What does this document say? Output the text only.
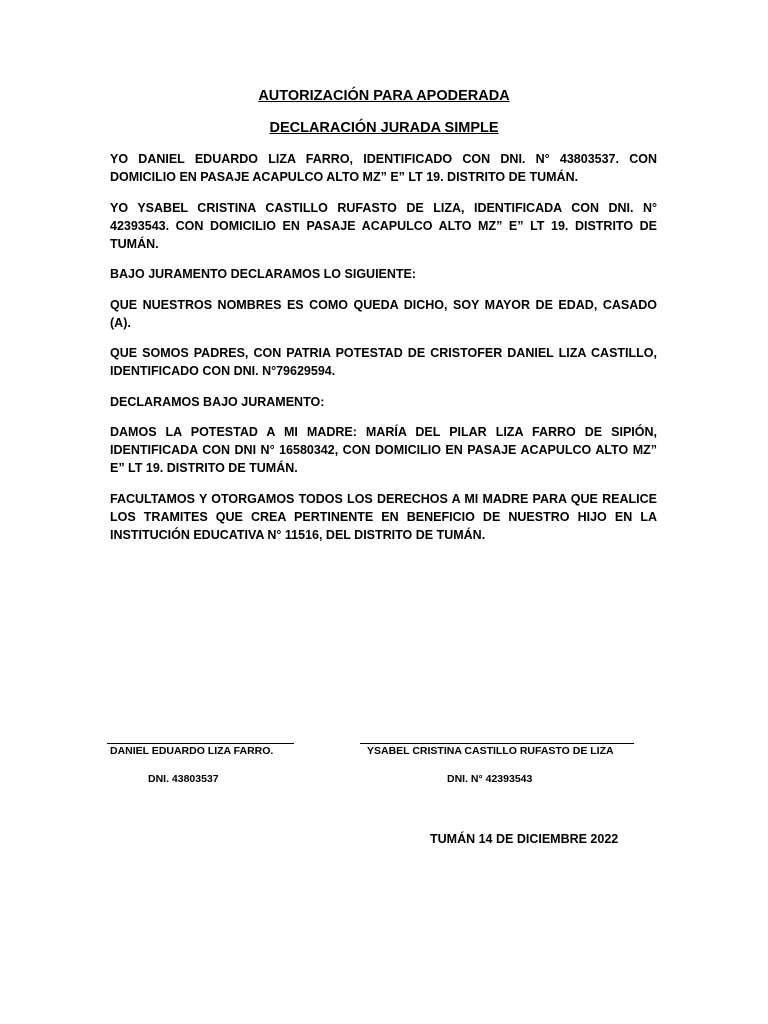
AUTORIZACIÓN PARA APODERADA
DECLARACIÓN JURADA SIMPLE

YO DANIEL EDUARDO LIZA FARRO, IDENTIFICADO CON DNI. N° 43803537. CON DOMICILIO EN PASAJE ACAPULCO ALTO MZ” E” LT 19. DISTRITO DE TUMÁN.

YO YSABEL CRISTINA CASTILLO RUFASTO DE LIZA, IDENTIFICADA CON DNI. N° 42393543. CON DOMICILIO EN PASAJE ACAPULCO ALTO MZ” E” LT 19. DISTRITO DE TUMÁN.

BAJO JURAMENTO DECLARAMOS LO SIGUIENTE:

QUE NUESTROS NOMBRES ES COMO QUEDA DICHO, SOY MAYOR DE EDAD, CASADO (A).

QUE SOMOS PADRES, CON PATRIA POTESTAD DE CRISTOFER DANIEL LIZA CASTILLO, IDENTIFICADO CON DNI. N°79629594.

DECLARAMOS BAJO JURAMENTO:

DAMOS LA POTESTAD A MI MADRE: MARÍA DEL PILAR LIZA FARRO DE SIPIÓN, IDENTIFICADA CON DNI N° 16580342, CON DOMICILIO EN PASAJE ACAPULCO ALTO MZ” E” LT 19. DISTRITO DE TUMÁN.

FACULTAMOS Y OTORGAMOS TODOS LOS DERECHOS A MI MADRE PARA QUE REALICE LOS TRAMITES QUE CREA PERTINENTE EN BENEFICIO DE NUESTRO HIJO EN LA INSTITUCIÓN EDUCATIVA N° 11516, DEL DISTRITO DE TUMÁN.

DANIEL EDUARDO LIZA FARRO.	YSABEL CRISTINA CASTILLO RUFASTO DE LIZA

DNI. 43803537	DNI. N° 42393543

TUMÁN 14 DE DICIEMBRE 2022
